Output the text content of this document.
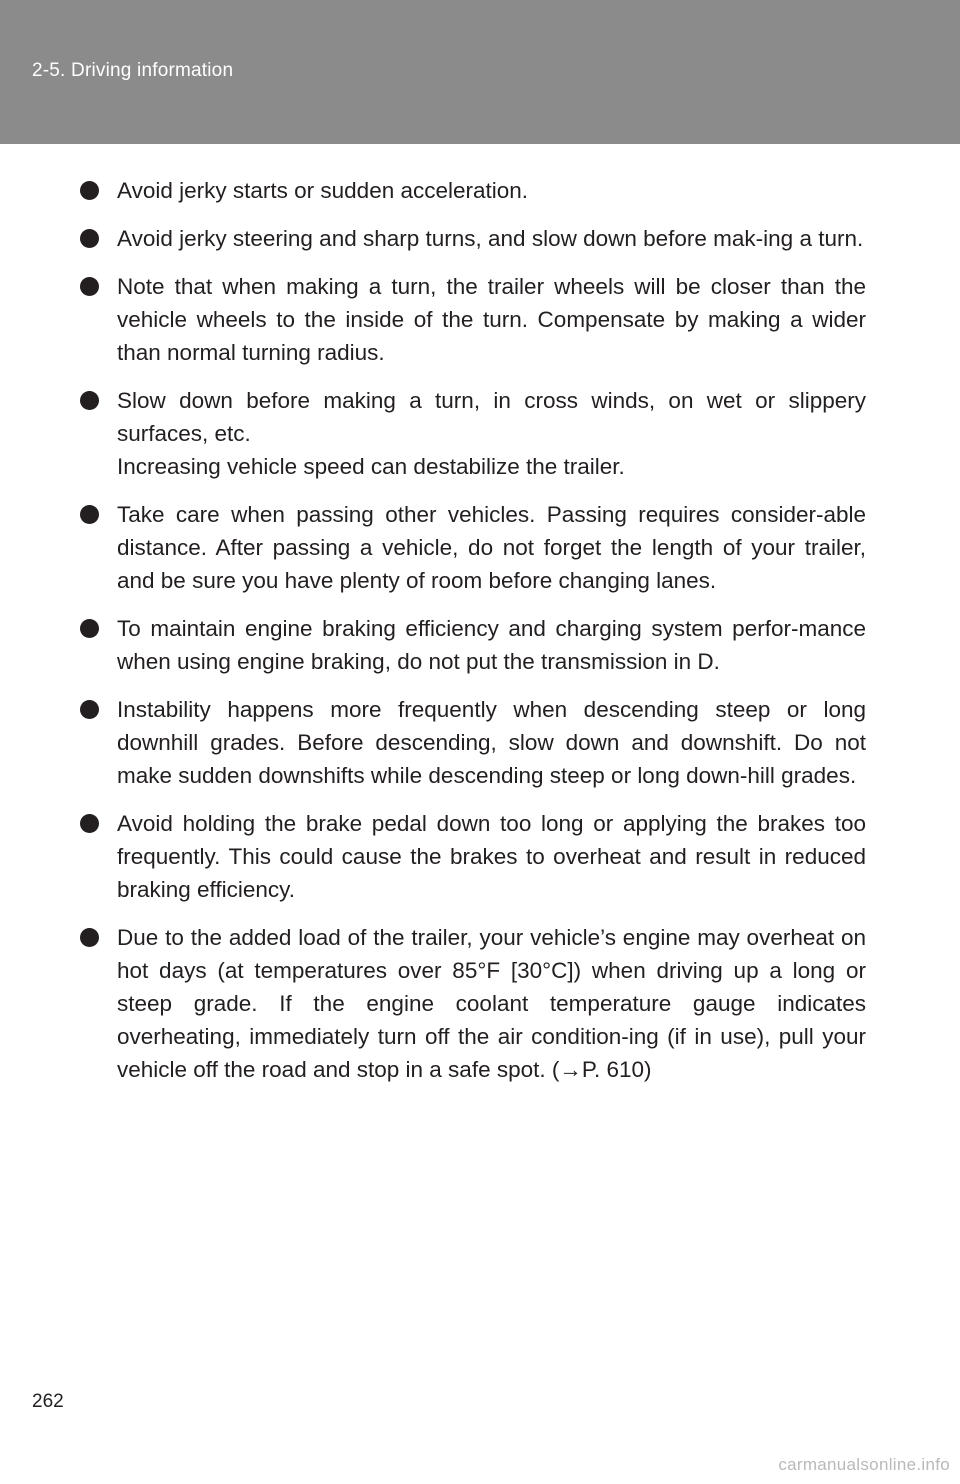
2-5. Driving information
Avoid jerky starts or sudden acceleration.
Avoid jerky steering and sharp turns, and slow down before mak-ing a turn.
Note that when making a turn, the trailer wheels will be closer than the vehicle wheels to the inside of the turn. Compensate by making a wider than normal turning radius.
Slow down before making a turn, in cross winds, on wet or slippery surfaces, etc.
Increasing vehicle speed can destabilize the trailer.
Take care when passing other vehicles. Passing requires consider-able distance. After passing a vehicle, do not forget the length of your trailer, and be sure you have plenty of room before changing lanes.
To maintain engine braking efficiency and charging system perfor-mance when using engine braking, do not put the transmission in D.
Instability happens more frequently when descending steep or long downhill grades. Before descending, slow down and downshift. Do not make sudden downshifts while descending steep or long down-hill grades.
Avoid holding the brake pedal down too long or applying the brakes too frequently. This could cause the brakes to overheat and result in reduced braking efficiency.
Due to the added load of the trailer, your vehicle’s engine may overheat on hot days (at temperatures over 85°F [30°C]) when driving up a long or steep grade. If the engine coolant temperature gauge indicates overheating, immediately turn off the air condition-ing (if in use), pull your vehicle off the road and stop in a safe spot. (→P. 610)
262
carmanualsonline.info
